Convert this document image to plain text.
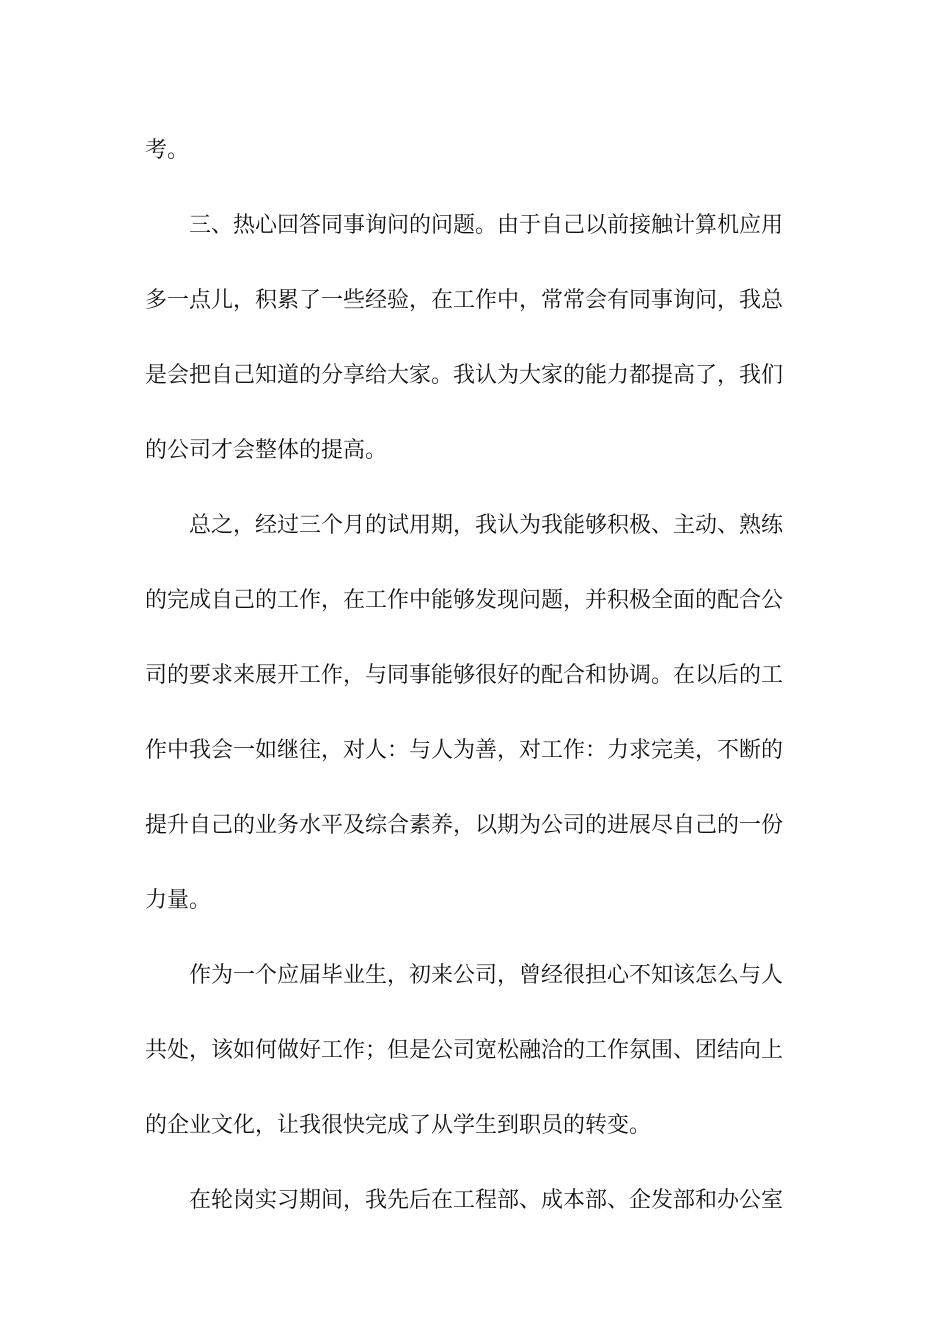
考。
三、热心回答同事询问的问题。由于自己以前接触计算机应用
多一点儿，积累了一些经验，在工作中，常常会有同事询问，我总
是会把自己知道的分享给大家。我认为大家的能力都提高了，我们
的公司才会整体的提高。
总之，经过三个月的试用期，我认为我能够积极、主动、熟练
的完成自己的工作，在工作中能够发现问题，并积极全面的配合公
司的要求来展开工作，与同事能够很好的配合和协调。在以后的工
作中我会一如继往，对人：与人为善，对工作：力求完美，不断的
提升自己的业务水平及综合素养，以期为公司的进展尽自己的一份
力量。
作为一个应届毕业生，初来公司，曾经很担心不知该怎么与人
共处，该如何做好工作；但是公司宽松融洽的工作氛围、团结向上
的企业文化，让我很快完成了从学生到职员的转变。
在轮岗实习期间，我先后在工程部、成本部、企发部和办公室
